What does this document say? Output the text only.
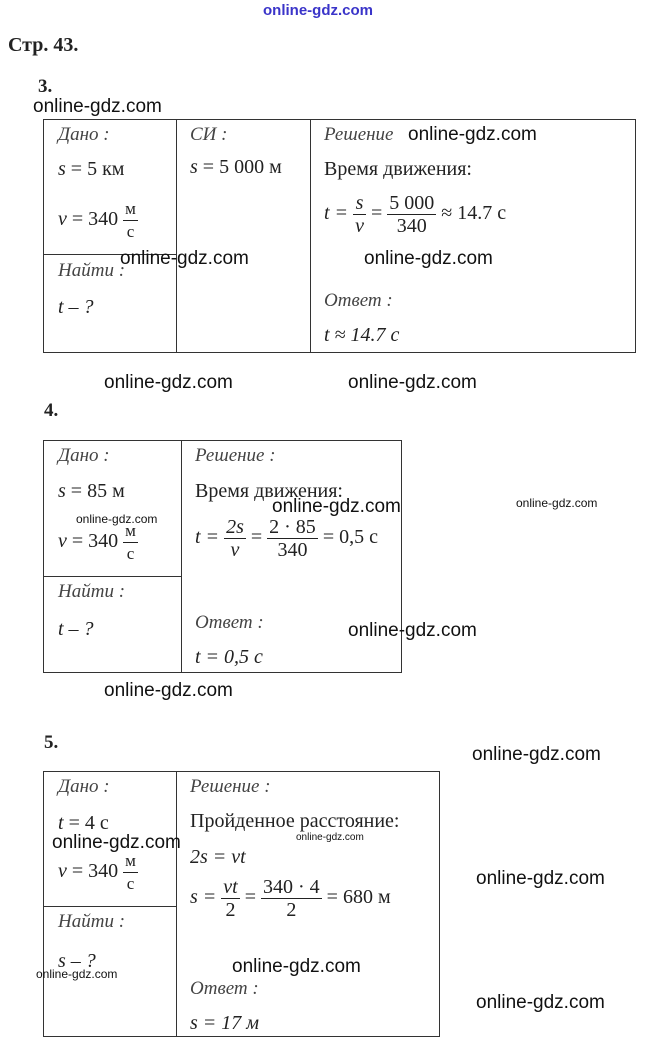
online-gdz.com
Стр. 43.
3.
online-gdz.com
Дано :
s = 5 км
$v = 340 \frac{м}{с}$
online-gdz.com
Найти :
t – ?
СИ :
s = 5 000 м
Решение online-gdz.com
Время движения:
$t = \frac{s}{v} = \frac{5 000}{340} \approx 14.7$ с
online-gdz.com
Ответ :
t ≈ 14.7 с
online-gdz.com	online-gdz.com
4.
Дано :
s = 85 м
online-gdz.com
$v = 340 \frac{м}{с}$
Найти :
t – ?
Решение :
Время движения:
online-gdz.com
$t = \frac{2s}{v} = \frac{2 \cdot 85}{340} = 0,5$ с
Ответ :	online-gdz.com
t = 0,5 с
online-gdz.com
online-gdz.com
5.
online-gdz.com
Дано :
t = 4 с
online-gdz.com
$v = 340 \frac{м}{с}$
Найти :
s – ?
online-gdz.com
Решение :
Пройденное расстояние:
online-gdz.com
2s = vt
$s = \frac{vt}{2} = \frac{340 \cdot 4}{2} = 680$ м
online-gdz.com
Ответ :
s = 17 м
online-gdz.com
online-gdz.com
